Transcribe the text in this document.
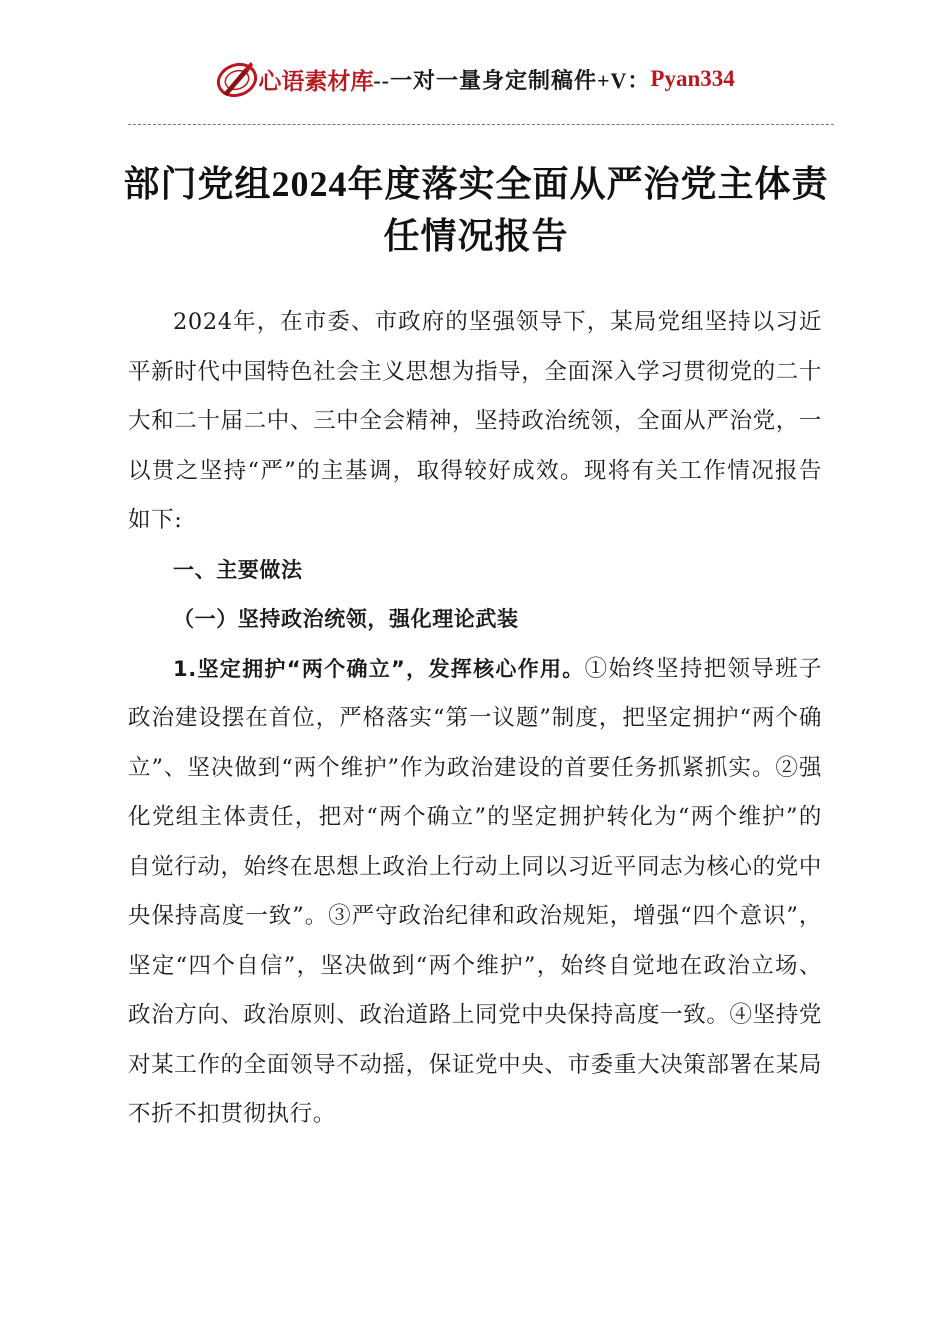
心语素材库--一对一量身定制稿件+V：Pyan334
部门党组2024年度落实全面从严治党主体责任情况报告

2024年，在市委、市政府的坚强领导下，某局党组坚持以习近平新时代中国特色社会主义思想为指导，全面深入学习贯彻党的二十大和二十届二中、三中全会精神，坚持政治统领，全面从严治党，一以贯之坚持“严”的主基调，取得较好成效。现将有关工作情况报告如下:

一、主要做法

（一）坚持政治统领，强化理论武装

1.坚定拥护“两个确立”，发挥核心作用。①始终坚持把领导班子政治建设摆在首位，严格落实“第一议题”制度，把坚定拥护“两个确立”、坚决做到“两个维护”作为政治建设的首要任务抓紧抓实。②强化党组主体责任，把对“两个确立”的坚定拥护转化为“两个维护”的自觉行动，始终在思想上政治上行动上同以习近平同志为核心的党中央保持高度一致”。③严守政治纪律和政治规矩，增强“四个意识”，坚定“四个自信”，坚决做到“两个维护”，始终自觉地在政治立场、政治方向、政治原则、政治道路上同党中央保持高度一致。④坚持党对某工作的全面领导不动摇，保证党中央、市委重大决策部署在某局不折不扣贯彻执行。
